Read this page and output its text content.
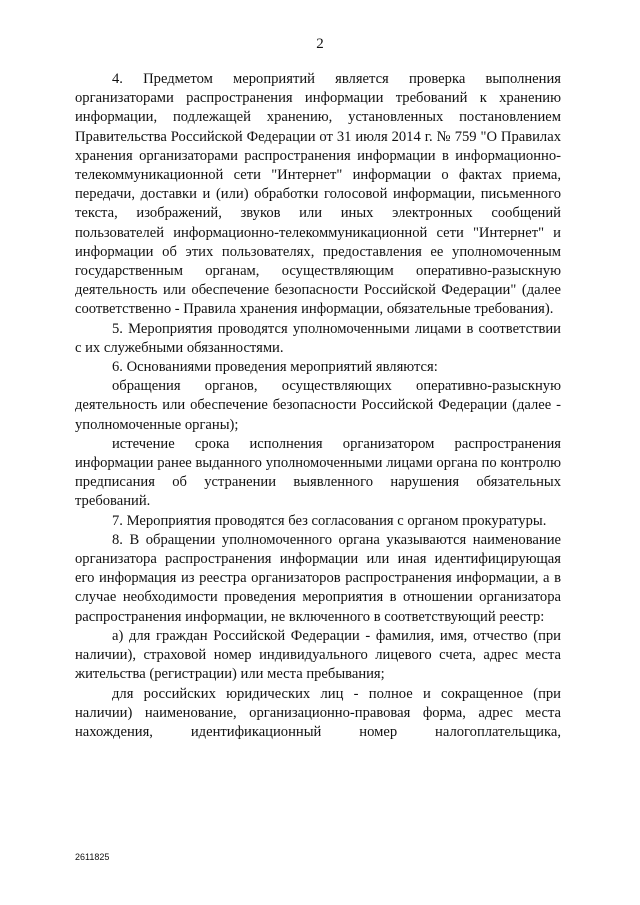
2

4. Предметом мероприятий является проверка выполнения организаторами распространения информации требований к хранению информации, подлежащей хранению, установленных постановлением Правительства Российской Федерации от 31 июля 2014 г. № 759 "О Правилах хранения организаторами распространения информации в информационно-телекоммуникационной сети "Интернет" информации о фактах приема, передачи, доставки и (или) обработки голосовой информации, письменного текста, изображений, звуков или иных электронных сообщений пользователей информационно-телекоммуникационной сети "Интернет" и информации об этих пользователях, предоставления ее уполномоченным государственным органам, осуществляющим оперативно-разыскную деятельность или обеспечение безопасности Российской Федерации" (далее соответственно - Правила хранения информации, обязательные требования).

5. Мероприятия проводятся уполномоченными лицами в соответствии с их служебными обязанностями.

6. Основаниями проведения мероприятий являются:

обращения органов, осуществляющих оперативно-разыскную деятельность или обеспечение безопасности Российской Федерации (далее - уполномоченные органы);

истечение срока исполнения организатором распространения информации ранее выданного уполномоченными лицами органа по контролю предписания об устранении выявленного нарушения обязательных требований.

7. Мероприятия проводятся без согласования с органом прокуратуры.

8. В обращении уполномоченного органа указываются наименование организатора распространения информации или иная идентифицирующая его информация из реестра организаторов распространения информации, а в случае необходимости проведения мероприятия в отношении организатора распространения информации, не включенного в соответствующий реестр:

а) для граждан Российской Федерации - фамилия, имя, отчество (при наличии), страховой номер индивидуального лицевого счета, адрес места жительства (регистрации) или места пребывания;

для российских юридических лиц - полное и сокращенное (при наличии) наименование, организационно-правовая форма, адрес места нахождения, идентификационный номер налогоплательщика,

2611825
